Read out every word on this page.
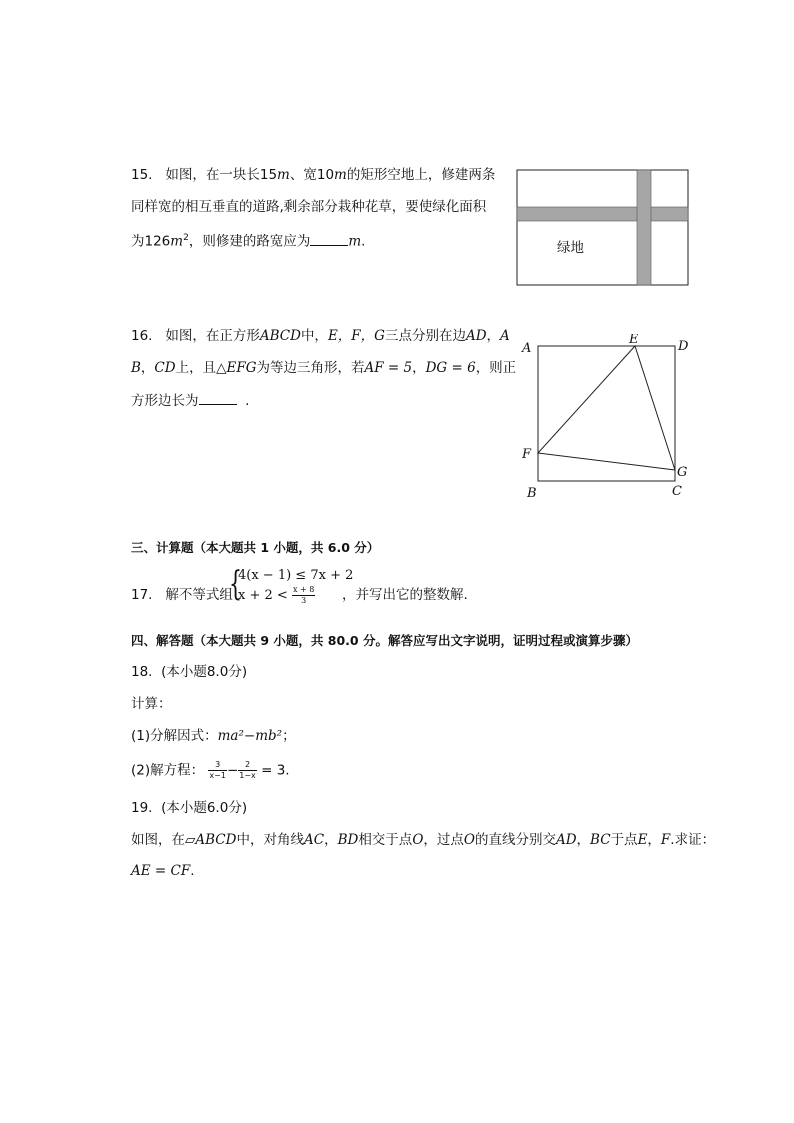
15. 如图，在一块长15m、宽10m的矩形空地上，修建两条
同样宽的相互垂直的道路,剩余部分栽种花草，要使绿化面积
为$126m^2$，则修建的路宽应为	m.	绿地
16. 如图，在正方形ABCD中，E，F，G三点分别在边AD，A
B，CD上，且△EFG为等边三角形，若AF = 5，DG = 6，则正
方形边长为	.
A
E	D
F
G
B	C
三、计算题（本大题共 1 小题，共 6.0 分）
17. 解不等式组
{
4(x − 1) ≤ 7x + 2
$x + 2 < \frac{x + 8}{3}$ ，并写出它的整数解.
四、解答题（本大题共 9 小题，共 80.0 分。解答应写出文字说明，证明过程或演算步骤）
18. (本小题8.0分)
计算：
(1)分解因式：ma²−mb²；
(2)解方程： $\frac{3}{x-1} - \frac{2}{1-x} = 3$.
19. (本小题6.0分)
如图，在▱ABCD中，对角线AC，BD相交于点O，过点O的直线分别交AD，BC于点E，F.求证：
AE = CF.
